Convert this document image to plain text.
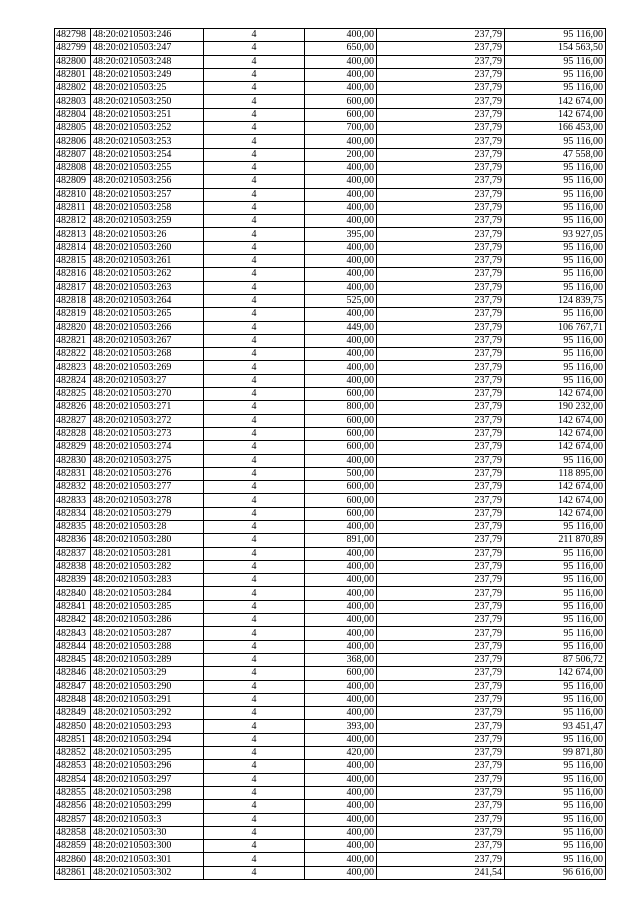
482798	48:20:0210503:246	4	400,00	237,79	95 116,00
482799	48:20:0210503:247	4	650,00	237,79	154 563,50
482800	48:20:0210503:248	4	400,00	237,79	95 116,00
482801	48:20:0210503:249	4	400,00	237,79	95 116,00
482802	48:20:0210503:25	4	400,00	237,79	95 116,00
482803	48:20:0210503:250	4	600,00	237,79	142 674,00
482804	48:20:0210503:251	4	600,00	237,79	142 674,00
482805	48:20:0210503:252	4	700,00	237,79	166 453,00
482806	48:20:0210503:253	4	400,00	237,79	95 116,00
482807	48:20:0210503:254	4	200,00	237,79	47 558,00
482808	48:20:0210503:255	4	400,00	237,79	95 116,00
482809	48:20:0210503:256	4	400,00	237,79	95 116,00
482810	48:20:0210503:257	4	400,00	237,79	95 116,00
482811	48:20:0210503:258	4	400,00	237,79	95 116,00
482812	48:20:0210503:259	4	400,00	237,79	95 116,00
482813	48:20:0210503:26	4	395,00	237,79	93 927,05
482814	48:20:0210503:260	4	400,00	237,79	95 116,00
482815	48:20:0210503:261	4	400,00	237,79	95 116,00
482816	48:20:0210503:262	4	400,00	237,79	95 116,00
482817	48:20:0210503:263	4	400,00	237,79	95 116,00
482818	48:20:0210503:264	4	525,00	237,79	124 839,75
482819	48:20:0210503:265	4	400,00	237,79	95 116,00
482820	48:20:0210503:266	4	449,00	237,79	106 767,71
482821	48:20:0210503:267	4	400,00	237,79	95 116,00
482822	48:20:0210503:268	4	400,00	237,79	95 116,00
482823	48:20:0210503:269	4	400,00	237,79	95 116,00
482824	48:20:0210503:27	4	400,00	237,79	95 116,00
482825	48:20:0210503:270	4	600,00	237,79	142 674,00
482826	48:20:0210503:271	4	800,00	237,79	190 232,00
482827	48:20:0210503:272	4	600,00	237,79	142 674,00
482828	48:20:0210503:273	4	600,00	237,79	142 674,00
482829	48:20:0210503:274	4	600,00	237,79	142 674,00
482830	48:20:0210503:275	4	400,00	237,79	95 116,00
482831	48:20:0210503:276	4	500,00	237,79	118 895,00
482832	48:20:0210503:277	4	600,00	237,79	142 674,00
482833	48:20:0210503:278	4	600,00	237,79	142 674,00
482834	48:20:0210503:279	4	600,00	237,79	142 674,00
482835	48:20:0210503:28	4	400,00	237,79	95 116,00
482836	48:20:0210503:280	4	891,00	237,79	211 870,89
482837	48:20:0210503:281	4	400,00	237,79	95 116,00
482838	48:20:0210503:282	4	400,00	237,79	95 116,00
482839	48:20:0210503:283	4	400,00	237,79	95 116,00
482840	48:20:0210503:284	4	400,00	237,79	95 116,00
482841	48:20:0210503:285	4	400,00	237,79	95 116,00
482842	48:20:0210503:286	4	400,00	237,79	95 116,00
482843	48:20:0210503:287	4	400,00	237,79	95 116,00
482844	48:20:0210503:288	4	400,00	237,79	95 116,00
482845	48:20:0210503:289	4	368,00	237,79	87 506,72
482846	48:20:0210503:29	4	600,00	237,79	142 674,00
482847	48:20:0210503:290	4	400,00	237,79	95 116,00
482848	48:20:0210503:291	4	400,00	237,79	95 116,00
482849	48:20:0210503:292	4	400,00	237,79	95 116,00
482850	48:20:0210503:293	4	393,00	237,79	93 451,47
482851	48:20:0210503:294	4	400,00	237,79	95 116,00
482852	48:20:0210503:295	4	420,00	237,79	99 871,80
482853	48:20:0210503:296	4	400,00	237,79	95 116,00
482854	48:20:0210503:297	4	400,00	237,79	95 116,00
482855	48:20:0210503:298	4	400,00	237,79	95 116,00
482856	48:20:0210503:299	4	400,00	237,79	95 116,00
482857	48:20:0210503:3	4	400,00	237,79	95 116,00
482858	48:20:0210503:30	4	400,00	237,79	95 116,00
482859	48:20:0210503:300	4	400,00	237,79	95 116,00
482860	48:20:0210503:301	4	400,00	237,79	95 116,00
482861	48:20:0210503:302	4	400,00	241,54	96 616,00
